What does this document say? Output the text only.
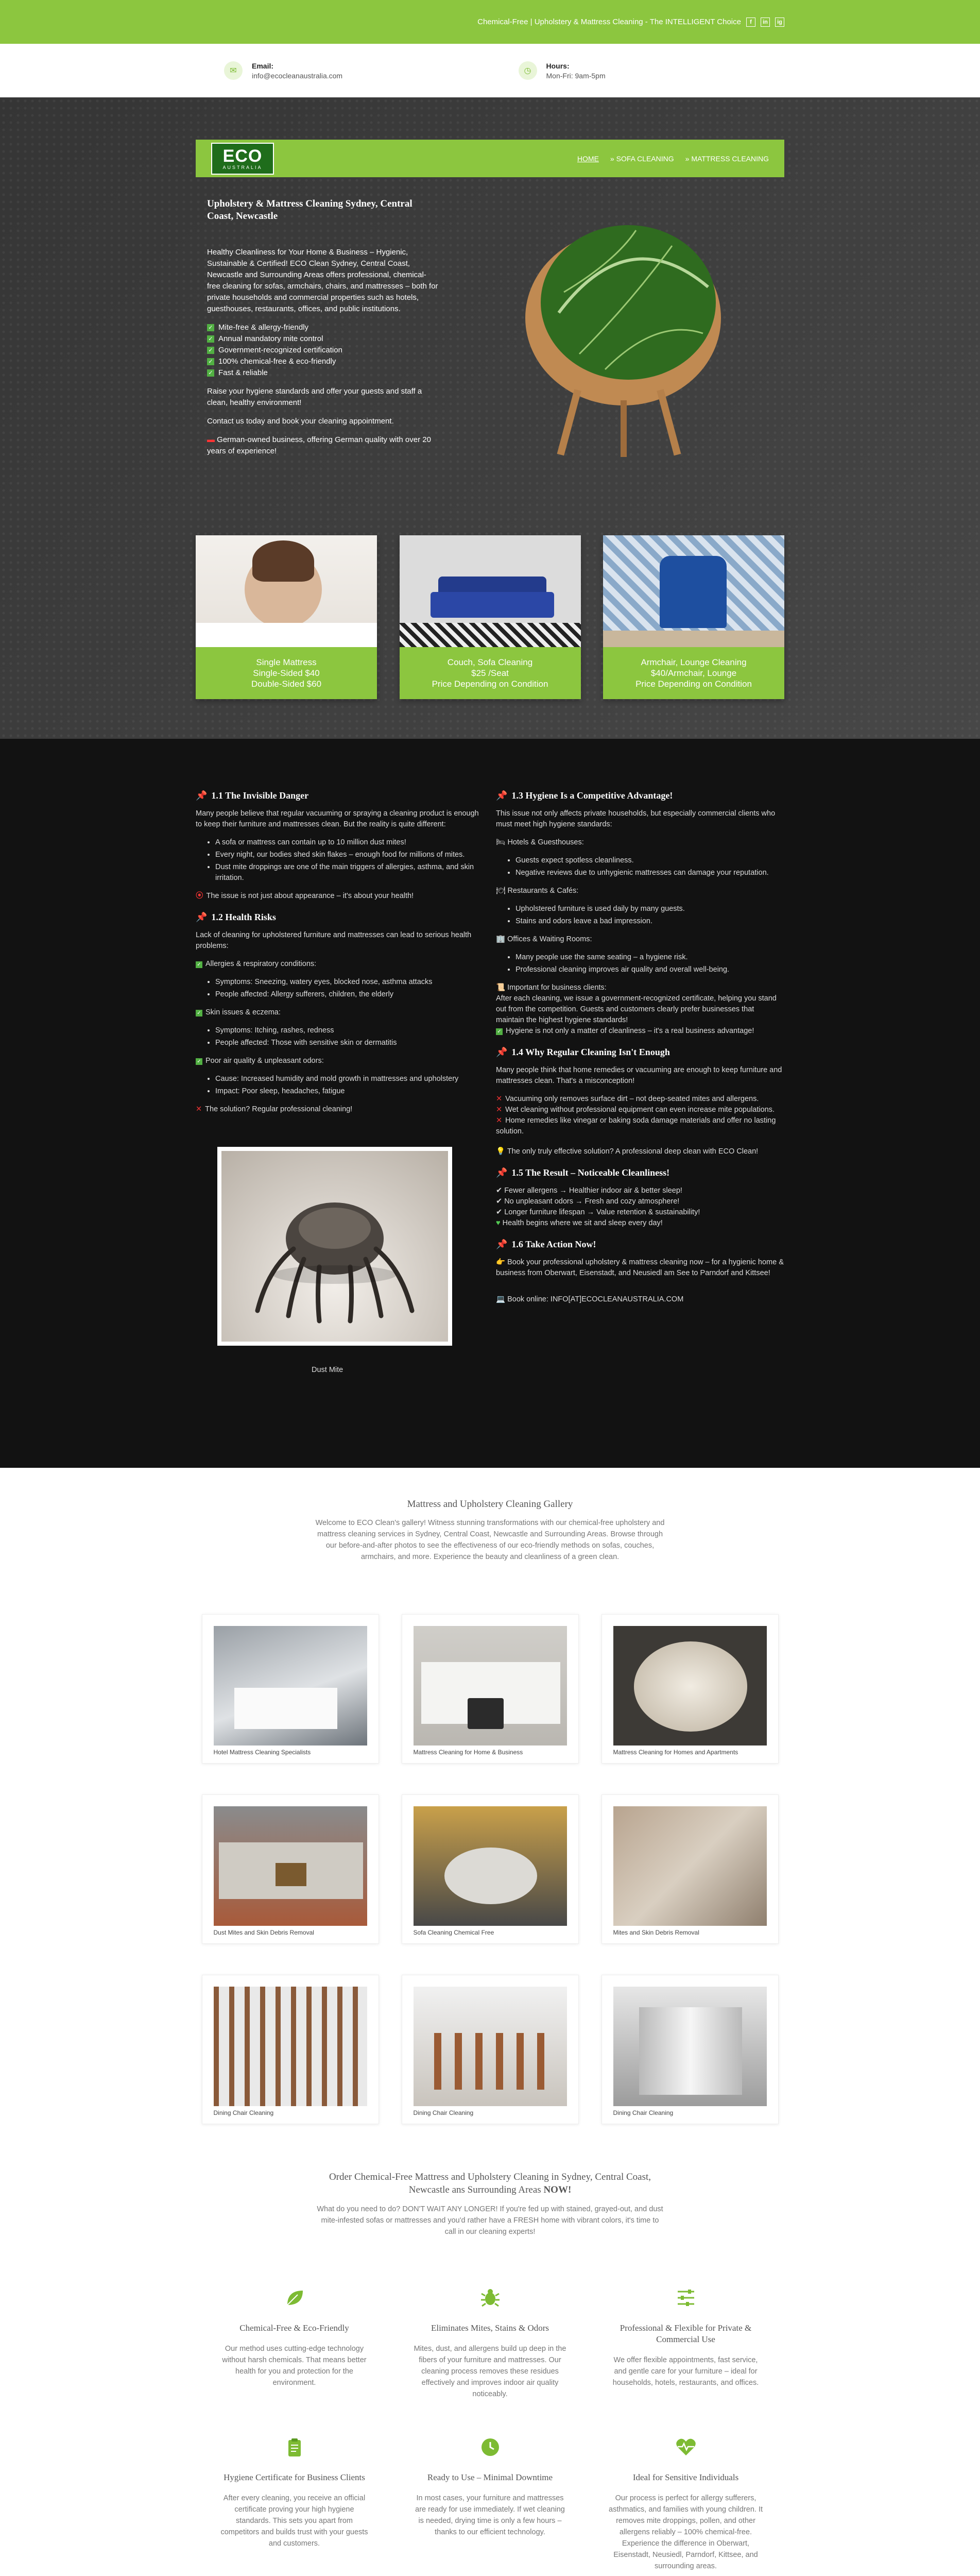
Chemical-Free | Upholstery & Mattress Cleaning - The INTELLIGENT Choice	f	in	ig
✉
Email:
info@ecocleanaustralia.com
◷
Hours:
Mon-Fri: 9am-5pm
ECO
AUSTRALIA
HOME » SOFA CLEANING » MATTRESS CLEANING
Upholstery & Mattress Cleaning Sydney, Central Coast, Newcastle

Healthy Cleanliness for Your Home & Business – Hygienic, Sustainable & Certified! ECO Clean Sydney, Central Coast, Newcastle and Surrounding Areas offers professional, chemical-free cleaning for sofas, armchairs, chairs, and mattresses – both for private households and commercial properties such as hotels, guesthouses, restaurants, offices, and public institutions.

✓ Mite-free & allergy-friendly
✓ Annual mandatory mite control
✓ Government-recognized certification
✓ 100% chemical-free & eco-friendly
✓ Fast & reliable

Raise your hygiene standards and offer your guests and staff a clean, healthy environment!

Contact us today and book your cleaning appointment.

▬ German-owned business, offering German quality with over 20 years of experience!

Single Mattress
Single-Sided $40
Double-Sided $60
Couch, Sofa Cleaning
$25 /Seat
Price Depending on Condition
Armchair, Lounge Cleaning
$40/Armchair, Lounge
Price Depending on Condition
📌 1.1 The Invisible Danger

Many people believe that regular vacuuming or spraying a cleaning product is enough to keep their furniture and mattresses clean. But the reality is quite different:

• A sofa or mattress can contain up to 10 million dust mites!
• Every night, our bodies shed skin flakes – enough food for millions of mites.
• Dust mite droppings are one of the main triggers of allergies, asthma, and skin irritation.

⦿ The issue is not just about appearance – it's about your health!

📌 1.2 Health Risks

Lack of cleaning for upholstered furniture and mattresses can lead to serious health problems:

✓ Allergies & respiratory conditions:

• Symptoms: Sneezing, watery eyes, blocked nose, asthma attacks
• People affected: Allergy sufferers, children, the elderly

✓ Skin issues & eczema:

• Symptoms: Itching, rashes, redness
• People affected: Those with sensitive skin or dermatitis

✓ Poor air quality & unpleasant odors:

• Cause: Increased humidity and mold growth in mattresses and upholstery
• Impact: Poor sleep, headaches, fatigue

✕ The solution? Regular professional cleaning!

Dust Mite
📌 1.3 Hygiene Is a Competitive Advantage!

This issue not only affects private households, but especially commercial clients who must meet high hygiene standards:

🛏 Hotels & Guesthouses:

• Guests expect spotless cleanliness.
• Negative reviews due to unhygienic mattresses can damage your reputation.

🍽 Restaurants & Cafés:

• Upholstered furniture is used daily by many guests.
• Stains and odors leave a bad impression.

🏢 Offices & Waiting Rooms:

• Many people use the same seating – a hygiene risk.
• Professional cleaning improves air quality and overall well-being.

📜 Important for business clients:

After each cleaning, we issue a government-recognized certificate, helping you stand out from the competition. Guests and customers clearly prefer businesses that maintain the highest hygiene standards!

✓ Hygiene is not only a matter of cleanliness – it's a real business advantage!

📌 1.4 Why Regular Cleaning Isn't Enough

Many people think that home remedies or vacuuming are enough to keep furniture and mattresses clean. That's a misconception!

✕ Vacuuming only removes surface dirt – not deep-seated mites and allergens.
✕ Wet cleaning without professional equipment can even increase mite populations.
✕ Home remedies like vinegar or baking soda damage materials and offer no lasting solution.

💡 The only truly effective solution? A professional deep clean with ECO Clean!

📌 1.5 The Result – Noticeable Cleanliness!
✔ Fewer allergens → Healthier indoor air & better sleep!
✔ No unpleasant odors → Fresh and cozy atmosphere!
✔ Longer furniture lifespan → Value retention & sustainability!
♥ Health begins where we sit and sleep every day!
📌 1.6 Take Action Now!

👉 Book your professional upholstery & mattress cleaning now – for a hygienic home & business from Oberwart, Eisenstadt, and Neusiedl am See to Parndorf and Kittsee!

💻 Book online: INFO[AT]ECOCLEANAUSTRALIA.COM

Mattress and Upholstery Cleaning Gallery

Welcome to ECO Clean's gallery! Witness stunning transformations with our chemical-free upholstery and mattress cleaning services in Sydney, Central Coast, Newcastle and Surrounding Areas. Browse through our before-and-after photos to see the effectiveness of our eco-friendly methods on sofas, couches, armchairs, and more. Experience the beauty and cleanliness of a green clean.

Hotel Mattress Cleaning Specialists	Mattress Cleaning for Home & Business	Mattress Cleaning for Homes and Apartments
Dust Mites and Skin Debris Removal	Sofa Cleaning Chemical Free	Mites and Skin Debris Removal
Dining Chair Cleaning	Dining Chair Cleaning	Dining Chair Cleaning
Order Chemical-Free Mattress and Upholstery Cleaning in Sydney, Central Coast, Newcastle ans Surrounding Areas NOW!

What do you need to do? DON'T WAIT ANY LONGER! If you're fed up with stained, grayed-out, and dust mite-infested sofas or mattresses and you'd rather have a FRESH home with vibrant colors, it's time to call in our cleaning experts!

Chemical-Free & Eco-Friendly

Our method uses cutting-edge technology without harsh chemicals. That means better health for you and protection for the environment.

Eliminates Mites, Stains & Odors

Mites, dust, and allergens build up deep in the fibers of your furniture and mattresses. Our cleaning process removes these residues effectively and improves indoor air quality noticeably.

Professional & Flexible for Private & Commercial Use

We offer flexible appointments, fast service, and gentle care for your furniture – ideal for households, hotels, restaurants, and offices.

Hygiene Certificate for Business Clients

After every cleaning, you receive an official certificate proving your high hygiene standards. This sets you apart from competitors and builds trust with your guests and customers.

Ready to Use – Minimal Downtime

In most cases, your furniture and mattresses are ready for use immediately. If wet cleaning is needed, drying time is only a few hours – thanks to our efficient technology.

Ideal for Sensitive Individuals

Our process is perfect for allergy sufferers, asthmatics, and families with young children. It removes mite droppings, pollen, and other allergens reliably – 100% chemical-free. Experience the difference in Oberwart, Eisenstadt, Neusiedl, Parndorf, Kittsee, and surrounding areas.
